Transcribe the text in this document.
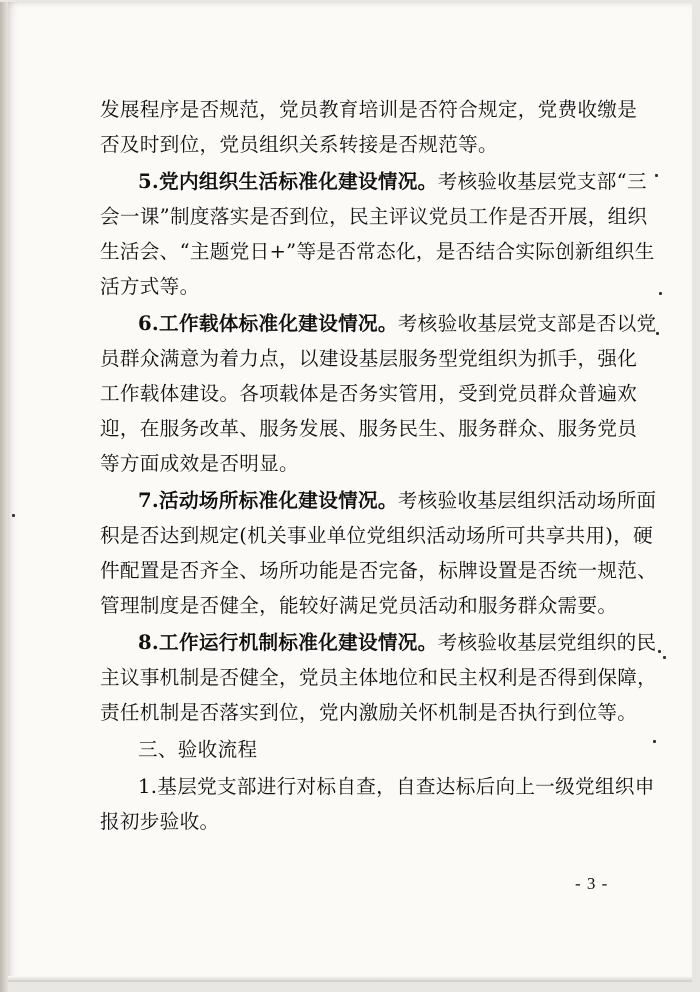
发展程序是否规范，党员教育培训是否符合规定，党费收缴是
否及时到位，党员组织关系转接是否规范等。
5.党内组织生活标准化建设情况。考核验收基层党支部“三
会一课”制度落实是否到位，民主评议党员工作是否开展，组织
生活会、“主题党日+”等是否常态化，是否结合实际创新组织生
活方式等。
6.工作载体标准化建设情况。考核验收基层党支部是否以党
员群众满意为着力点，以建设基层服务型党组织为抓手，强化
工作载体建设。各项载体是否务实管用，受到党员群众普遍欢
迎，在服务改革、服务发展、服务民生、服务群众、服务党员
等方面成效是否明显。
7.活动场所标准化建设情况。考核验收基层组织活动场所面
积是否达到规定(机关事业单位党组织活动场所可共享共用)，硬
件配置是否齐全、场所功能是否完备，标牌设置是否统一规范、
管理制度是否健全，能较好满足党员活动和服务群众需要。
8.工作运行机制标准化建设情况。考核验收基层党组织的民
主议事机制是否健全，党员主体地位和民主权利是否得到保障，
责任机制是否落实到位，党内激励关怀机制是否执行到位等。
三、验收流程
1.基层党支部进行对标自查，自查达标后向上一级党组织申
报初步验收。
- 3 -
